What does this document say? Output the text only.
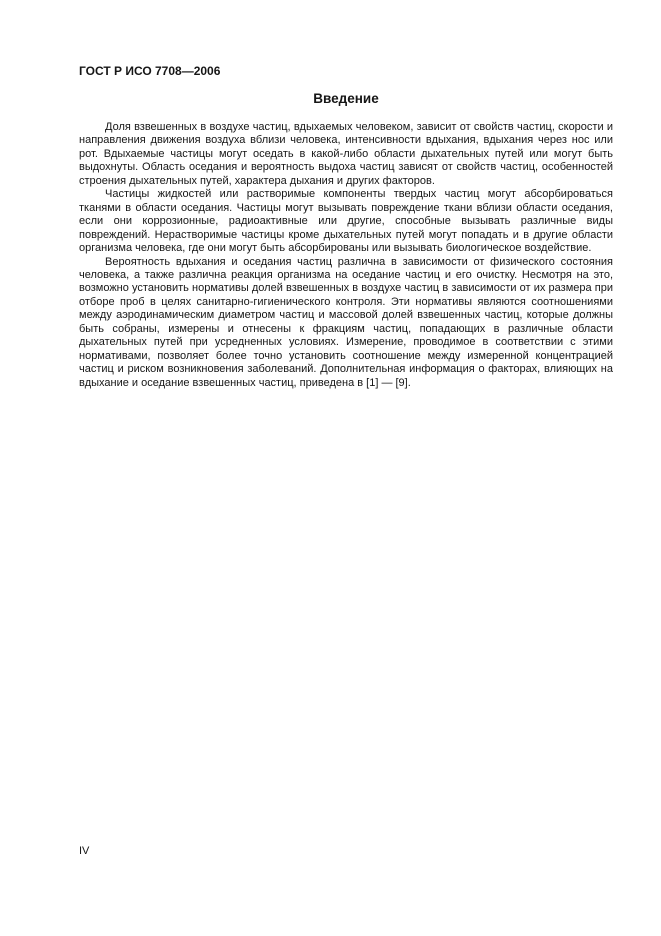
ГОСТ Р ИСО 7708—2006
Введение

Доля взвешенных в воздухе частиц, вдыхаемых человеком, зависит от свойств частиц, скорости и направления движения воздуха вблизи человека, интенсивности вдыхания, вдыхания через нос или рот. Вдыхаемые частицы могут оседать в какой-либо области дыхательных путей или могут быть выдохнуты. Область оседания и вероятность выдоха частиц зависят от свойств частиц, особенностей строения дыхательных путей, характера дыхания и других факторов.

Частицы жидкостей или растворимые компоненты твердых частиц могут абсорбироваться тканями в области оседания. Частицы могут вызывать повреждение ткани вблизи области оседания, если они коррозионные, радиоактивные или другие, способные вызывать различные виды повреждений. Нерастворимые частицы кроме дыхательных путей могут попадать и в другие области организма человека, где они могут быть абсорбированы или вызывать биологическое воздействие.

Вероятность вдыхания и оседания частиц различна в зависимости от физического состояния человека, а также различна реакция организма на оседание частиц и его очистку. Несмотря на это, возможно установить нормативы долей взвешенных в воздухе частиц в зависимости от их размера при отборе проб в целях санитарно-гигиенического контроля. Эти нормативы являются соотношениями между аэродинамическим диаметром частиц и массовой долей взвешенных частиц, которые должны быть собраны, измерены и отнесены к фракциям частиц, попадающих в различные области дыхательных путей при усредненных условиях. Измерение, проводимое в соответствии с этими нормативами, позволяет более точно установить соотношение между измеренной концентрацией частиц и риском возникновения заболеваний. Дополнительная информация о факторах, влияющих на вдыхание и оседание взвешенных частиц, приведена в [1] — [9].

IV
